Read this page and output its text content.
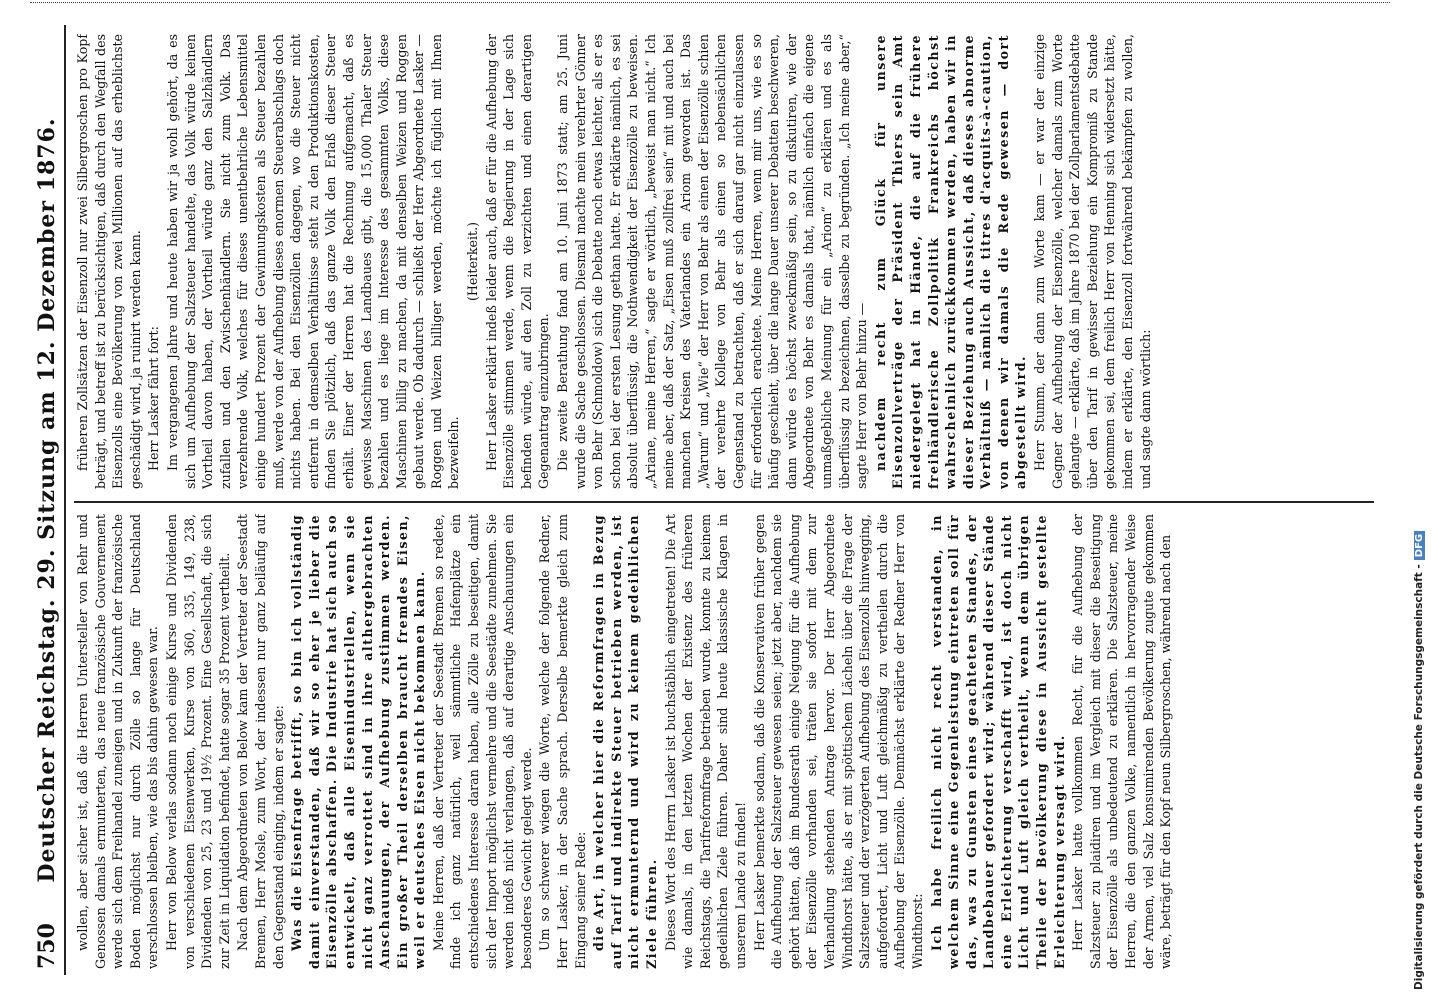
750
Deutscher Reichstag. 29. Sitzung am 12. Dezember 1876. wollen, aber sicher ist, daß die Herren Untersteller von Rehr und Genossen damals ermunterten, das neue französische Gouvernement werde sich dem Freihandel zuneigen und in Zukunft der französische Boden möglichst nur durch Zölle so lange für Deutschland verschlossen bleiben, wie das bis dahin gewesen war. Herr von Below verlas sodann noch einige Kurse und Dividenden von verschiedenen Eisenwerken, Kurse von 360, 335, 149, 238, Dividenden von 25, 23 und 19½ Prozent. Eine Gesellschaft, die sich zur Zeit in Liquidation befindet, hatte sogar 35 Prozent vertheilt. Nach dem Abgeordneten von Below kam der Vertreter der Seestadt Bremen, Herr Mosle, zum Wort, der indessen nur ganz beiläufig auf den Gegenstand einging, indem er sagte: Was die Eisenfrage betrifft, so bin ich vollständig damit einverstanden, daß wir so eher je lieber die Eisenzölle abschaffen. Die Industrie hat sich auch so entwickelt, daß alle Eisenindustriellen, wenn sie nicht ganz verrottet sind in ihre althergebrachten Anschauungen, der Aufhebung zustimmen werden. Ein großer Theil derselben braucht fremdes Eisen, weil er deutsches Eisen nicht bekommen kann. Meine Herren, daß der Vertreter der Seestadt Bremen so redete, finde ich ganz natürlich, weil sämmtliche Hafenplätze ein entschiedenes Interesse daran haben, alle Zölle zu beseitigen, damit sich der Import möglichst vermehre und die Seestädte zunehmen. Sie werden indeß nicht verlangen, daß auf derartige Anschauungen ein besonderes Gewicht gelegt werde. Um so schwerer wiegen die Worte, welche der folgende Redner, Herr Lasker, in der Sache sprach. Derselbe bemerkte gleich zum Eingang seiner Rede: die Art, in welcher hier die Reformfragen in Bezug auf Tarif und indirekte Steuer betrieben werden, ist nicht ermunternd und wird zu keinem gedeihlichen Ziele führen. Dieses Wort des Herrn Lasker ist buchstäblich eingetreten! Die Art wie damals, in den letzten Wochen der Existenz des früheren Reichstags, die Tarifreformfrage betrieben wurde, konnte zu keinem gedeihlichen Ziele führen. Daher sind heute klassische Klagen in unserem Lande zu finden! Herr Lasker bemerkte sodann, daß die Konservativen früher gegen die Aufhebung der Salzsteuer gewesen seien; jetzt aber, nachdem sie gehört hätten, daß im Bundesrath einige Neigung für die Aufhebung der Eisenzölle vorhanden sei, träten sie sofort mit dem zur Verhandlung stehenden Antrage hervor. Der Herr Abgeordnete Windthorst hätte, als er mit spöttischem Lächeln über die Frage der Salzsteuer und der verzögerten Aufhebung des Eisenzolls hinwegging, aufgefordert, Licht und Luft gleichmäßig zu vertheilen durch die Aufhebung der Eisenzölle. Demnächst erklärte der Redner Herr von Windthorst: Ich habe freilich nicht recht verstanden, in welchem Sinne eine Gegenleistung eintreten soll für das, was zu Gunsten eines geachteten Standes, der Landbebauer gefordert wird; während dieser Stände eine Erleichterung verschafft wird, ist doch nicht Licht und Luft gleich vertheilt, wenn dem übrigen Theile der Bevölkerung diese in Aussicht gestellte Erleichterung versagt wird. Herr Lasker hatte vollkommen Recht, für die Aufhebung der Salzsteuer zu plaidiren und im Vergleich mit dieser die Beseitigung der Eisenzölle als unbedeutend zu erklären. Die Salzsteuer, meine Herren, die den ganzen Volke, namentlich in hervorragender Weise der Armen, viel Salz konsumirenden Bevölkerung zugute gekommen wäre, beträgt für den Kopf neun Silbergroschen, während nach den

früheren Zollsätzen der Eisenzoll nur zwei Silbergroschen pro Kopf beträgt, und betreff ist zu berücksichtigen, daß durch den Wegfall des Eisenzolls eine Bevölkerung von zwei Millionen auf das erheblichste geschädigt wird, ja ruinirt werden kann. Herr Lasker fährt fort: Im vergangenen Jahre und heute haben wir ja wohl gehört, da es sich um Aufhebung der Salzsteuer handelte, das Volk würde keinen Vortheil davon haben, der Vortheil würde ganz den Salzhändlern zufallen und den Zwischenhändlern. Sie nicht zum Volk. Das verzehrende Volk, welches für dieses unentbehrliche Lebensmittel einige hundert Prozent der Gewinnungskosten als Steuer bezahlen muß, werde von der Aufhebung dieses enormen Steuerabschlags doch nichts haben. Bei den Eisenzöllen dagegen, wo die Steuer nicht entfernt in demselben Verhältnisse steht zu den Produktionskosten, finden Sie plötzlich, daß das ganze Volk den Erlaß dieser Steuer erhält. Einer der Herren hat die Rechnung aufgemacht, daß es gewisse Maschinen des Landbaues gibt, die 15,000 Thaler Steuer bezahlen und es liege im Interesse des gesammten Volks, diese Maschinen billig zu machen, da mit denselben Weizen und Roggen gebaut werde. Ob dadurch — schließt der Herr Abgeordnete Lasker — Roggen und Weizen billiger werden, möchte ich füglich mit Ihnen bezweifeln.

(Heiterkeit.) Herr Lasker erklärt indeß leider auch, daß er für die Aufhebung der Eisenzölle stimmen werde, wenn die Regierung in der Lage sich befinden würde, auf den Zoll zu verzichten und einen derartigen Gegenantrag einzubringen. Die zweite Berathung fand am 10. Juni 1873 statt; am 25. Juni wurde die Sache geschlossen. Diesmal machte mein verehrter Gönner von Behr (Schmoldow) sich die Debatte noch etwas leichter, als er es schon bei der ersten Lesung gethan hatte. Er erklärte nämlich, es sei absolut überflüssig, die Nothwendigkeit der Eisenzölle zu beweisen. „Ariane, meine Herren,“ sagte er wörtlich, „beweist man nicht.“ Ich meine aber, daß der Satz, „Eisen muß zollfrei sein“ mit und auch bei manchen Kreisen des Vaterlandes ein Ariom geworden ist. Das „Warum“ und „Wie“ der Herr von Behr als einen der Eisenzölle schien der verehrte Kollege von Behr als einen so nebensächlichen Gegenstand zu betrachten, daß er sich darauf gar nicht einzulassen für erforderlich erachtete. Meine Herren, wenn mir uns, wie es so häufig geschieht, über die lange Dauer unserer Debatten beschweren, dann würde es höchst zweckmäßig sein, so zu diskutiren, wie der Abgeordnete von Behr es damals that, nämlich einfach die eigene unmaßgebliche Meinung für ein „Ariom“ zu erklären und es als überflüssig zu bezeichnen, dasselbe zu begründen. „Ich meine aber,“ sagte Herr von Behr hinzu — nachdem recht zum Glück für unsere Eisenzollverträge der Präsident Thiers sein Amt niedergelegt hat in Hände, die auf die frühere freihändlerische Zollpolitik Frankreichs höchst wahrscheinlich zurückkommen werden, haben wir in dieser Beziehung auch Aussicht, daß dieses abnorme Verhältniß — nämlich die titres d'acquits-à-caution, von denen wir damals die Rede gewesen — dort abgestellt wird. Herr Stumm, der dann zum Worte kam — er war der einzige Gegner der Aufhebung der Eisenzölle, welcher damals zum Worte gelangte — erklärte, daß im Jahre 1870 bei der Zollparlamentsdebatte über den Tarif in gewisser Beziehung ein Kompromiß zu Stande gekommen sei, dem freilich Herr von Henning sich widersetzt hätte, indem er erklärte, den Eisenzoll fortwährend bekämpfen zu wollen, und sagte dann wörtlich:

Digitalisierung gefördert durch die Deutsche Forschungsgemeinschaft -DFG
